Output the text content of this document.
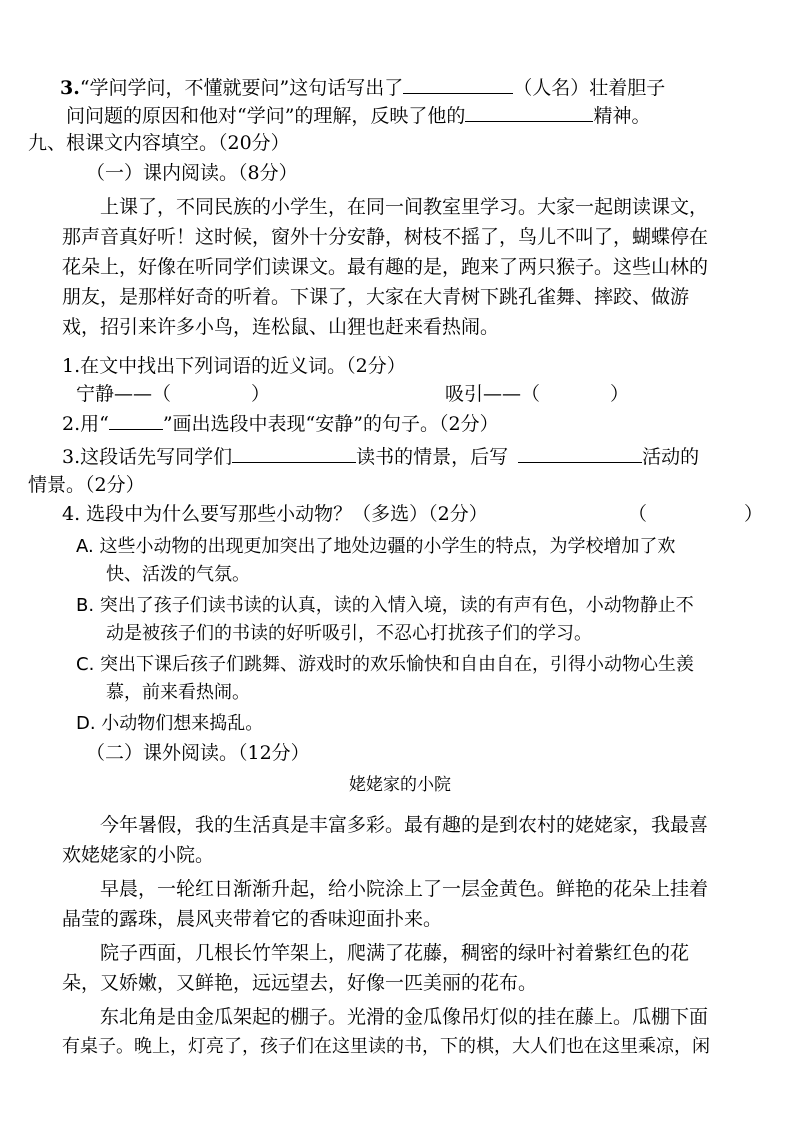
3.“学问学问，不懂就要问”这句话写出了	（人名）壮着胆子
问问题的原因和他对“学问”的理解，反映了他的	精神。
九、根课文内容填空。（20分）
（一）课内阅读。（8分）
上课了，不同民族的小学生，在同一间教室里学习。大家一起朗读课文，
那声音真好听！这时候，窗外十分安静，树枝不摇了，鸟儿不叫了，蝴蝶停在
花朵上，好像在听同学们读课文。最有趣的是，跑来了两只猴子。这些山林的
朋友，是那样好奇的听着。下课了，大家在大青树下跳孔雀舞、摔跤、做游
戏，招引来许多小鸟，连松鼠、山狸也赶来看热闹。
1.在文中找出下列词语的近义词。（2分）
宁静——（	）	吸引——（	）
2.用“	”画出选段中表现“安静”的句子。（2分）
3.这段话先写同学们	读书的情景，后写	活动的
情景。（2分）
4. 选段中为什么要写那些小动物？（多选）（2分）	（	）
A. 这些小动物的出现更加突出了地处边疆的小学生的特点，为学校增加了欢
快、活泼的气氛。
B. 突出了孩子们读书读的认真，读的入情入境，读的有声有色，小动物静止不
动是被孩子们的书读的好听吸引，不忍心打扰孩子们的学习。
C. 突出下课后孩子们跳舞、游戏时的欢乐愉快和自由自在，引得小动物心生羡
慕，前来看热闹。
D. 小动物们想来捣乱。
（二）课外阅读。（12分）
姥姥家的小院
今年暑假，我的生活真是丰富多彩。最有趣的是到农村的姥姥家，我最喜
欢姥姥家的小院。
早晨，一轮红日渐渐升起，给小院涂上了一层金黄色。鲜艳的花朵上挂着
晶莹的露珠，晨风夹带着它的香味迎面扑来。
院子西面，几根长竹竿架上，爬满了花藤，稠密的绿叶衬着紫红色的花
朵，又娇嫩，又鲜艳，远远望去，好像一匹美丽的花布。
东北角是由金瓜架起的棚子。光滑的金瓜像吊灯似的挂在藤上。瓜棚下面
有桌子。晚上，灯亮了，孩子们在这里读的书，下的棋，大人们也在这里乘凉，闲
